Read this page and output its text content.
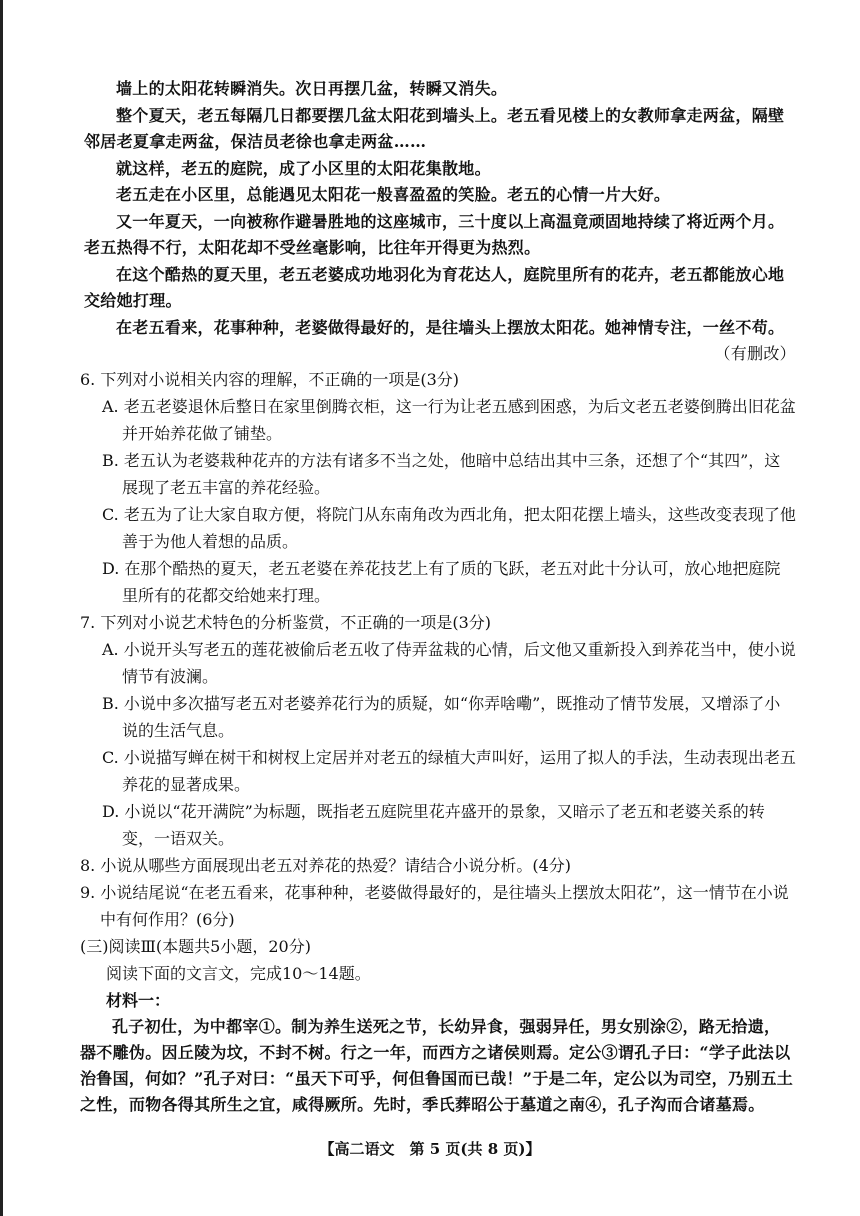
墙上的太阳花转瞬消失。次日再摆几盆，转瞬又消失。

整个夏天，老五每隔几日都要摆几盆太阳花到墙头上。老五看见楼上的女教师拿走两盆，隔壁邻居老夏拿走两盆，保洁员老徐也拿走两盆……

就这样，老五的庭院，成了小区里的太阳花集散地。

老五走在小区里，总能遇见太阳花一般喜盈盈的笑脸。老五的心情一片大好。

又一年夏天，一向被称作避暑胜地的这座城市，三十度以上高温竟顽固地持续了将近两个月。老五热得不行，太阳花却不受丝毫影响，比往年开得更为热烈。

在这个酷热的夏天里，老五老婆成功地羽化为育花达人，庭院里所有的花卉，老五都能放心地交给她打理。

在老五看来，花事种种，老婆做得最好的，是往墙头上摆放太阳花。她神情专注，一丝不苟。

（有删改）

6. 下列对小说相关内容的理解，不正确的一项是(3分)

A. 老五老婆退休后整日在家里倒腾衣柜，这一行为让老五感到困惑，为后文老五老婆倒腾出旧花盆并开始养花做了铺垫。

B. 老五认为老婆栽种花卉的方法有诸多不当之处，他暗中总结出其中三条，还想了个“其四”，这展现了老五丰富的养花经验。

C. 老五为了让大家自取方便，将院门从东南角改为西北角，把太阳花摆上墙头，这些改变表现了他善于为他人着想的品质。

D. 在那个酷热的夏天，老五老婆在养花技艺上有了质的飞跃，老五对此十分认可，放心地把庭院里所有的花都交给她来打理。

7. 下列对小说艺术特色的分析鉴赏，不正确的一项是(3分)

A. 小说开头写老五的莲花被偷后老五收了侍弄盆栽的心情，后文他又重新投入到养花当中，使小说情节有波澜。

B. 小说中多次描写老五对老婆养花行为的质疑，如“你弄啥嘞”，既推动了情节发展，又增添了小说的生活气息。

C. 小说描写蝉在树干和树杈上定居并对老五的绿植大声叫好，运用了拟人的手法，生动表现出老五养花的显著成果。

D. 小说以“花开满院”为标题，既指老五庭院里花卉盛开的景象，又暗示了老五和老婆关系的转变，一语双关。

8. 小说从哪些方面展现出老五对养花的热爱？请结合小说分析。(4分)

9. 小说结尾说“在老五看来，花事种种，老婆做得最好的，是往墙头上摆放太阳花”，这一情节在小说中有何作用？(6分)

(三)阅读Ⅲ(本题共5小题，20分)

阅读下面的文言文，完成10～14题。

材料一：

孔子初仕，为中都宰①。制为养生送死之节，长幼异食，强弱异任，男女别涂②，路无拾遗，器不雕伪。因丘陵为坟，不封不树。行之一年，而西方之诸侯则焉。定公③谓孔子曰：“学子此法以治鲁国，何如？”孔子对曰：“虽天下可乎，何但鲁国而已哉！”于是二年，定公以为司空，乃别五土之性，而物各得其所生之宜，咸得厥所。先时，季氏葬昭公于墓道之南④，孔子沟而合诸墓焉。

【高二语文　第 5 页(共 8 页)】
